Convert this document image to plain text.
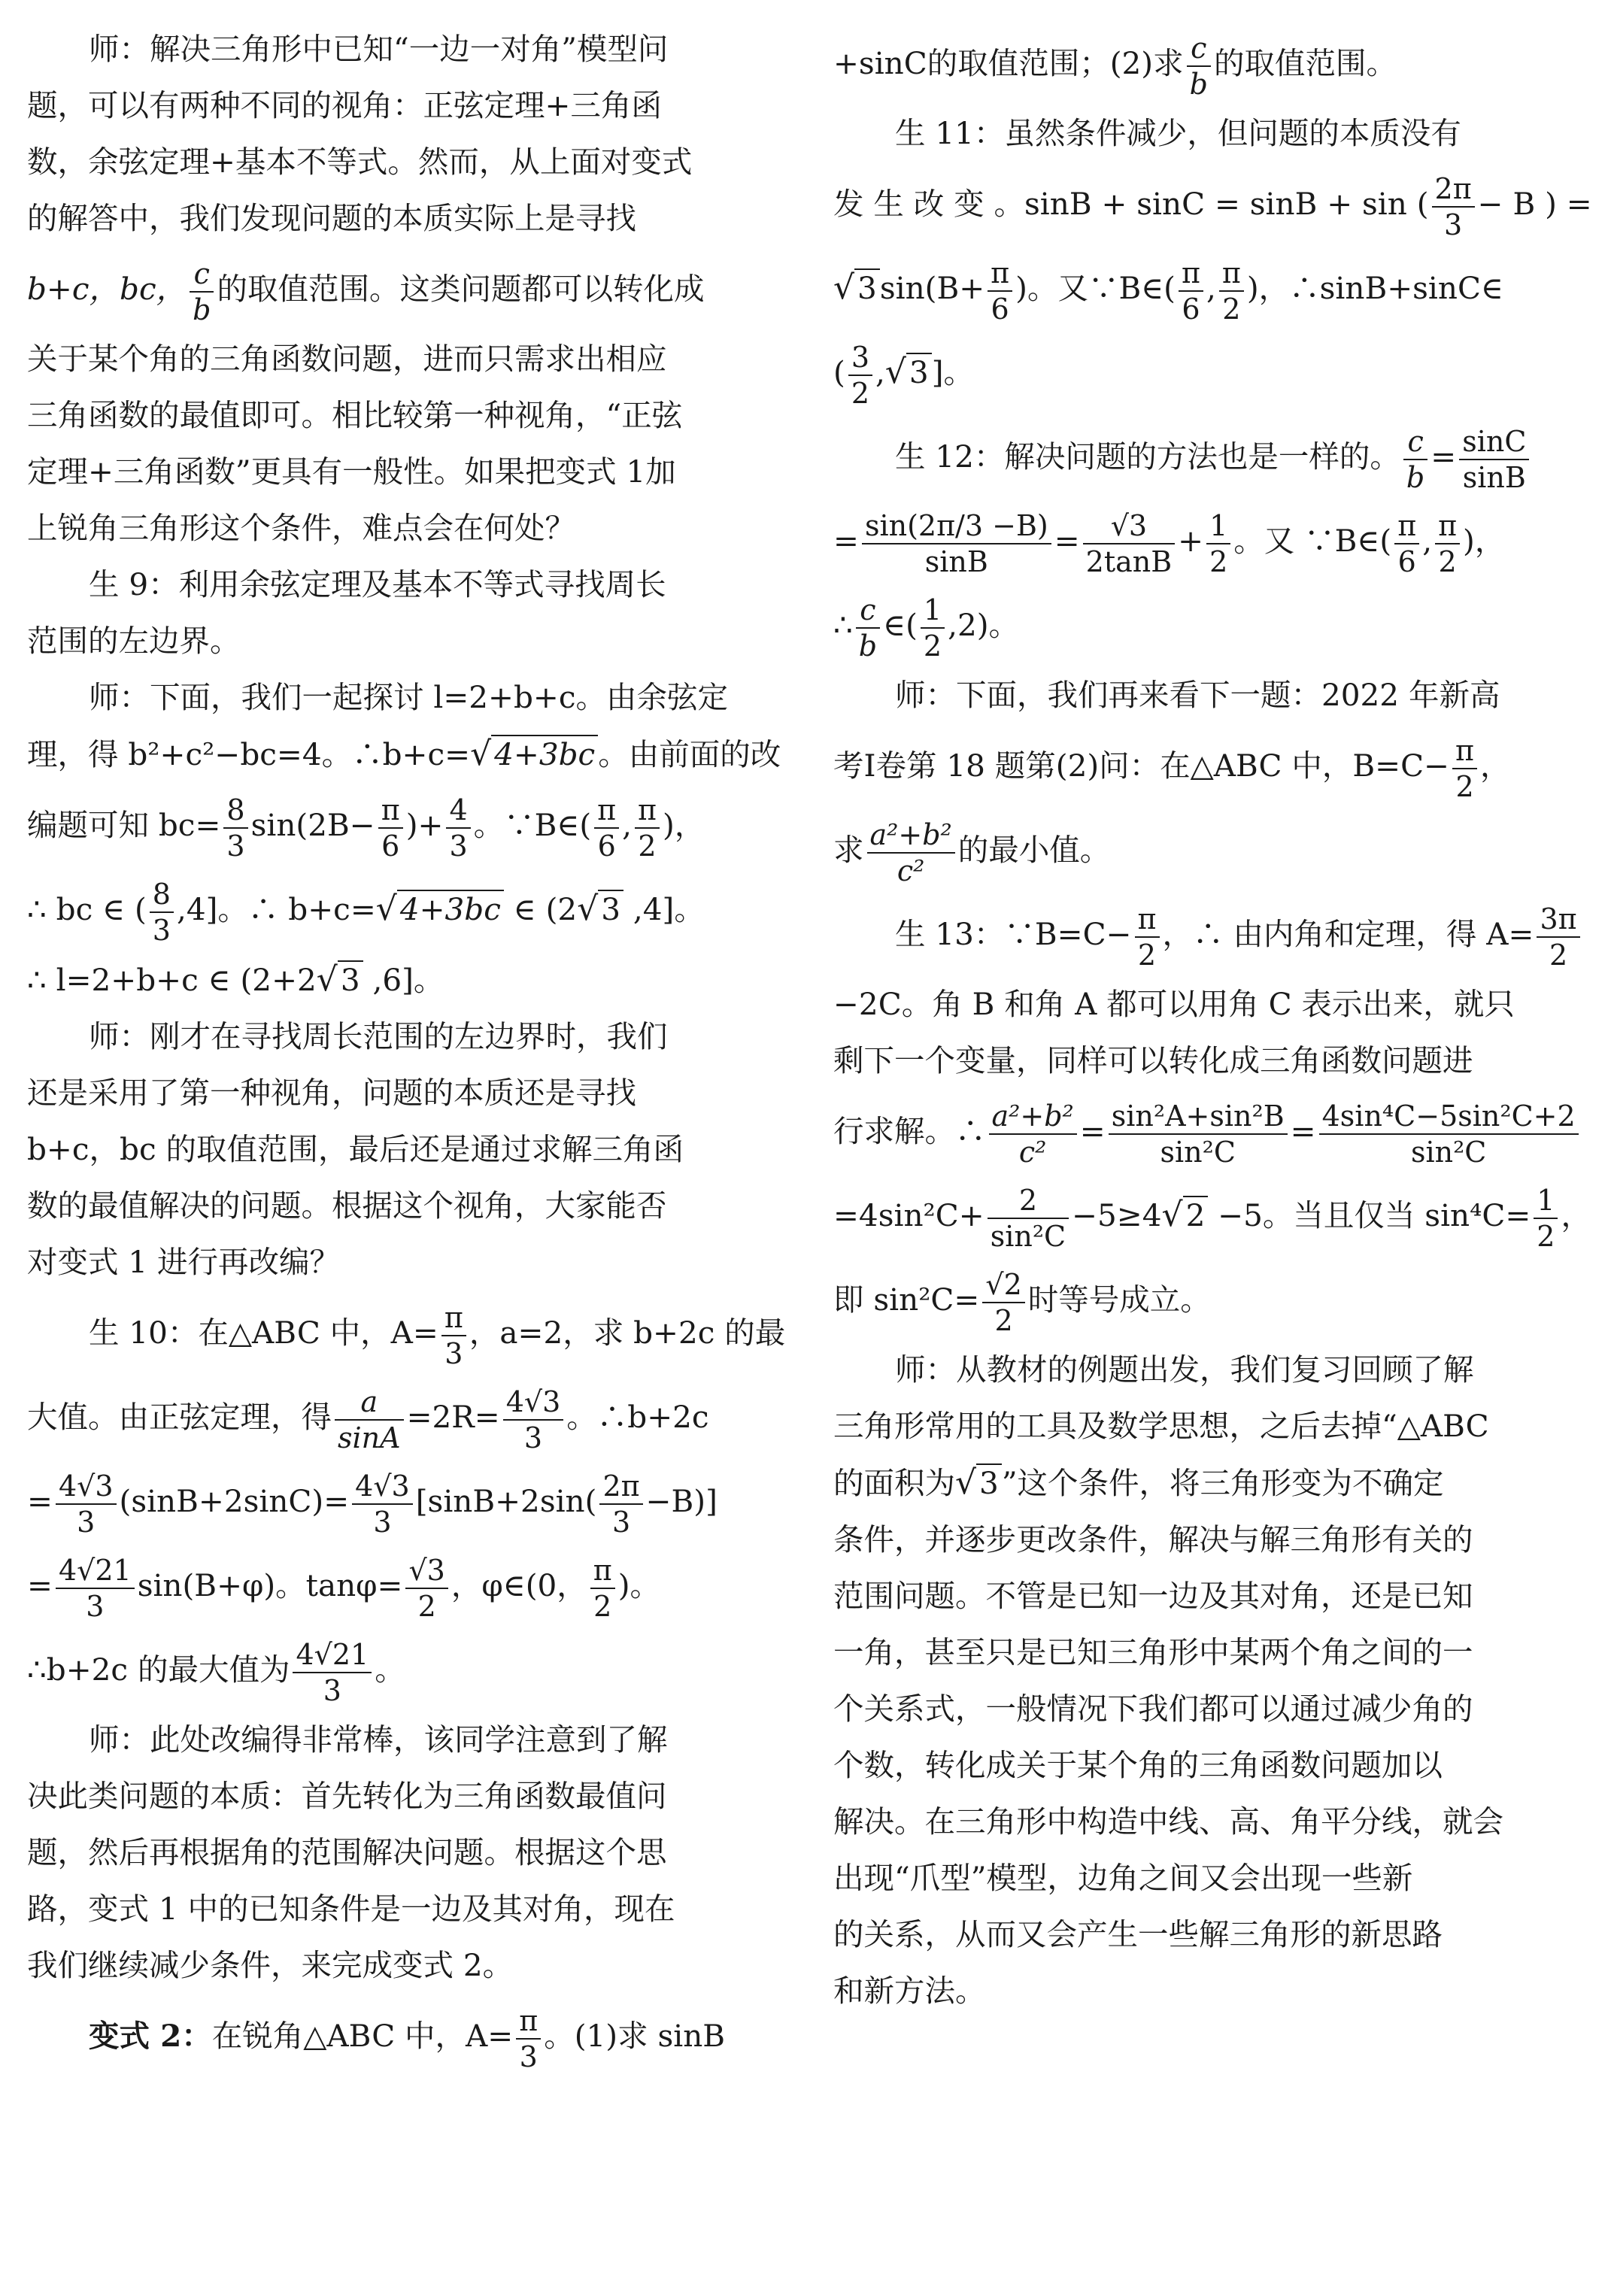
师：解决三角形中已知“一边一对角”模型问

题，可以有两种不同的视角：正弦定理+三角函

数，余弦定理+基本不等式。然而，从上面对变式

的解答中，我们发现问题的本质实际上是寻找

b+c，bc， $\frac{c}{b}$ 的取值范围。这类问题都可以转化成

关于某个角的三角函数问题，进而只需求出相应

三角函数的最值即可。相比较第一种视角，“正弦

定理+三角函数”更具有一般性。如果把变式 1加

上锐角三角形这个条件，难点会在何处？

生 9：利用余弦定理及基本不等式寻找周长

范围的左边界。

师：下面，我们一起探讨 l=2+b+c。由余弦定

理，得 b²+c²−bc=4。∴b+c=√4+3bc。由前面的改

编题可知 $bc= \frac{8}{3} \sin(2B- \frac{\pi}{6}$ )+ $\frac{4}{3}$ 。∵B∈( $\frac{\pi}{6}$ , $\frac{\pi}{2}$ )，

∴ bc ∈ ( $\frac{8}{3} ,4$]。∴ b+c=√4+3bc ∈ (2√3 ,4]。

∴ l=2+b+c ∈ (2+2√3 ,6]。

师：刚才在寻找周长范围的左边界时，我们

还是采用了第一种视角，问题的本质还是寻找

b+c，bc 的取值范围，最后还是通过求解三角函

数的最值解决的问题。根据这个视角，大家能否

对变式 1 进行再改编？

生 10：在△ABC 中，$A= \frac{\pi}{3}$ ，a=2，求 b+2c 的最

大值。由正弦定理，得 $\frac{a}{\sin A} =2R= \frac{4√3}{3}$ 。∴b+2c

= $\frac{4√3}{3} (\sin B+2\sin C)= \frac{4√3}{3} [\sin B+2\sin( \frac{2\pi}{3} -B)]$

= $\frac{4√21}{3} \sin(B+\varphi)$。$\tan\varphi= \frac{√3}{2}$ ，φ∈(0， $\frac{\pi}{2}$ )。

∴b+2c 的最大值为 $\frac{4√21}{3}$ 。

师：此处改编得非常棒，该同学注意到了解

决此类问题的本质：首先转化为三角函数最值问

题，然后再根据角的范围解决问题。根据这个思

路，变式 1 中的已知条件是一边及其对角，现在

我们继续减少条件，来完成变式 2。

变式 2：在锐角△ABC 中，$A= \frac{\pi}{3}$ 。(1)求 sinB

+sinC的取值范围；(2)求 $\frac{c}{b}$ 的取值范围。

生 11：虽然条件减少，但问题的本质没有

发 生 改 变 。sinB + sinC = sinB + sin ( $\frac{2\pi}{3} - B$ ) =

$√3\sin(B+ \frac{\pi}{6}$ )。又∵B∈( $\frac{\pi}{6}$ , $\frac{\pi}{2}$ )，∴sinB+sinC∈

( $\frac{3}{2} ,√3$]。

生 12：解决问题的方法也是一样的。 $\frac{c}{b} = \frac{\sin C}{\sin B}$

= $\frac{\sin(2\pi/3 -B)}{\sin B} = \frac{√3}{2\tan B} + \frac{1}{2}$ 。又 ∵B∈( $\frac{\pi}{6}$ , $\frac{\pi}{2}$ )，

∴ $\frac{c}{b}$ ∈( $\frac{1}{2} ,2$)。

师：下面，我们再来看下一题：2022 年新高

考Ⅰ卷第 18 题第(2)问：在△ABC 中，$B=C- \frac{\pi}{2}$ ，

求 $\frac{\text{a²+b²}}{\text{c²}}$ 的最小值。

生 13：∵B=C− $\frac{\pi}{2}$ ，∴ 由内角和定理，得 $A= \frac{3\pi}{2}$

−2C。角 B 和角 A 都可以用角 C 表示出来，就只

剩下一个变量，同样可以转化成三角函数问题进

行求解。∴ $\frac{\text{a²+b²}}{\text{c²}} = \frac{\text{sin²A+sin²B}}{\text{sin²C}} = \frac{\text{4sin⁴C−5sin²C+2}}{\text{sin²C}}$

$=4\sin^2C+ \frac{2}{\text{sin²C}} -5\ge 4√2 -5$。当且仅当 $\sin^4C= \frac{1}{2}$ ，

即 $\sin^2C= \frac{√2}{2}$ 时等号成立。

师：从教材的例题出发，我们复习回顾了解

三角形常用的工具及数学思想，之后去掉“△ABC

的面积为√3”这个条件，将三角形变为不确定

条件，并逐步更改条件，解决与解三角形有关的

范围问题。不管是已知一边及其对角，还是已知

一角，甚至只是已知三角形中某两个角之间的一

个关系式，一般情况下我们都可以通过减少角的

个数，转化成关于某个角的三角函数问题加以

解决。在三角形中构造中线、高、角平分线，就会

出现“爪型”模型，边角之间又会出现一些新

的关系，从而又会产生一些解三角形的新思路

和新方法。
